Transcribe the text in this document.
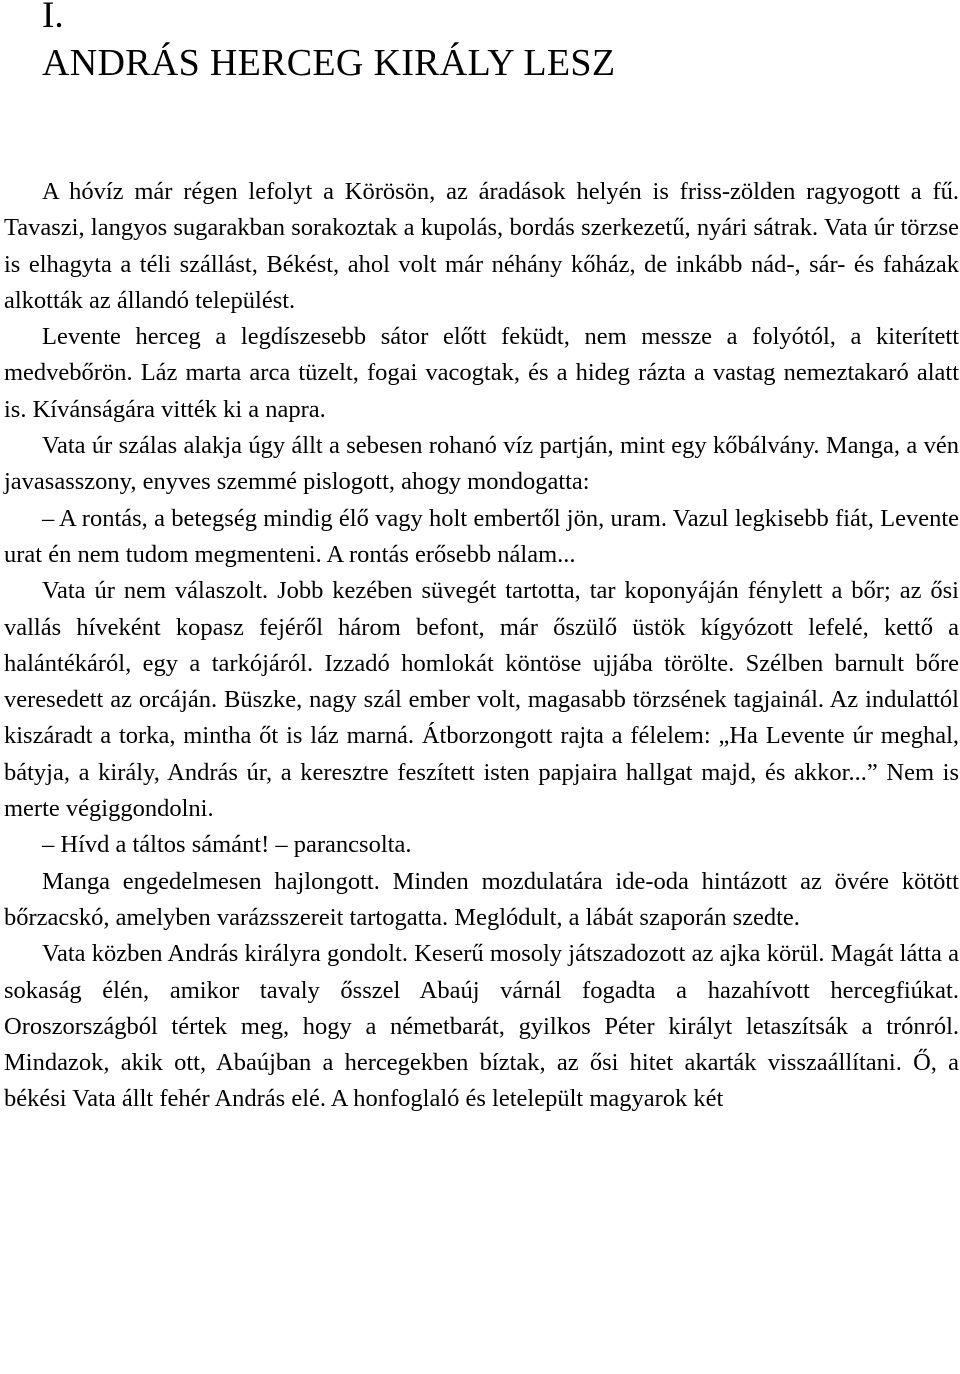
I.
ANDRÁS HERCEG KIRÁLY LESZ

A hóvíz már régen lefolyt a Körösön, az áradások helyén is friss-zölden ragyogott a fű. Tavaszi, langyos sugarakban sorakoztak a kupolás, bordás szerkezetű, nyári sátrak. Vata úr törzse is elhagyta a téli szállást, Békést, ahol volt már néhány kőház, de inkább nád-, sár- és faházak alkották az állandó települést.

Levente herceg a legdíszesebb sátor előtt feküdt, nem messze a folyótól, a kiterített medvebőrön. Láz marta arca tüzelt, fogai vacogtak, és a hideg rázta a vastag nemeztakaró alatt is. Kívánságára vitték ki a napra.

Vata úr szálas alakja úgy állt a sebesen rohanó víz partján, mint egy kőbálvány. Manga, a vén javasasszony, enyves szemmé pislogott, ahogy mondogatta:

– A rontás, a betegség mindig élő vagy holt embertől jön, uram. Vazul legkisebb fiát, Levente urat én nem tudom megmenteni. A rontás erősebb nálam...

Vata úr nem válaszolt. Jobb kezében süvegét tartotta, tar koponyáján fénylett a bőr; az ősi vallás híveként kopasz fejéről három befont, már őszülő üstök kígyózott lefelé, kettő a halántékáról, egy a tarkójáról. Izzadó homlokát köntöse ujjába törölte. Szélben barnult bőre veresedett az orcáján. Büszke, nagy szál ember volt, magasabb törzsének tagjainál. Az indulattól kiszáradt a torka, mintha őt is láz marná. Átborzongott rajta a félelem: „Ha Levente úr meghal, bátyja, a király, András úr, a keresztre feszített isten papjaira hallgat majd, és akkor...” Nem is merte végiggondolni.

– Hívd a táltos sámánt! – parancsolta.

Manga engedelmesen hajlongott. Minden mozdulatára ide-oda hintázott az övére kötött bőrzacskó, amelyben varázsszereit tartogatta. Meglódult, a lábát szaporán szedte.

Vata közben András királyra gondolt. Keserű mosoly játszadozott az ajka körül. Magát látta a sokaság élén, amikor tavaly ősszel Abaúj várnál fogadta a hazahívott hercegfiúkat. Oroszországból tértek meg, hogy a németbarát, gyilkos Péter királyt letaszítsák a trónról. Mindazok, akik ott, Abaújban a hercegekben bíztak, az ősi hitet akarták visszaállítani. Ő, a békési Vata állt fehér András elé. A honfoglaló és letelepült magyarok két
